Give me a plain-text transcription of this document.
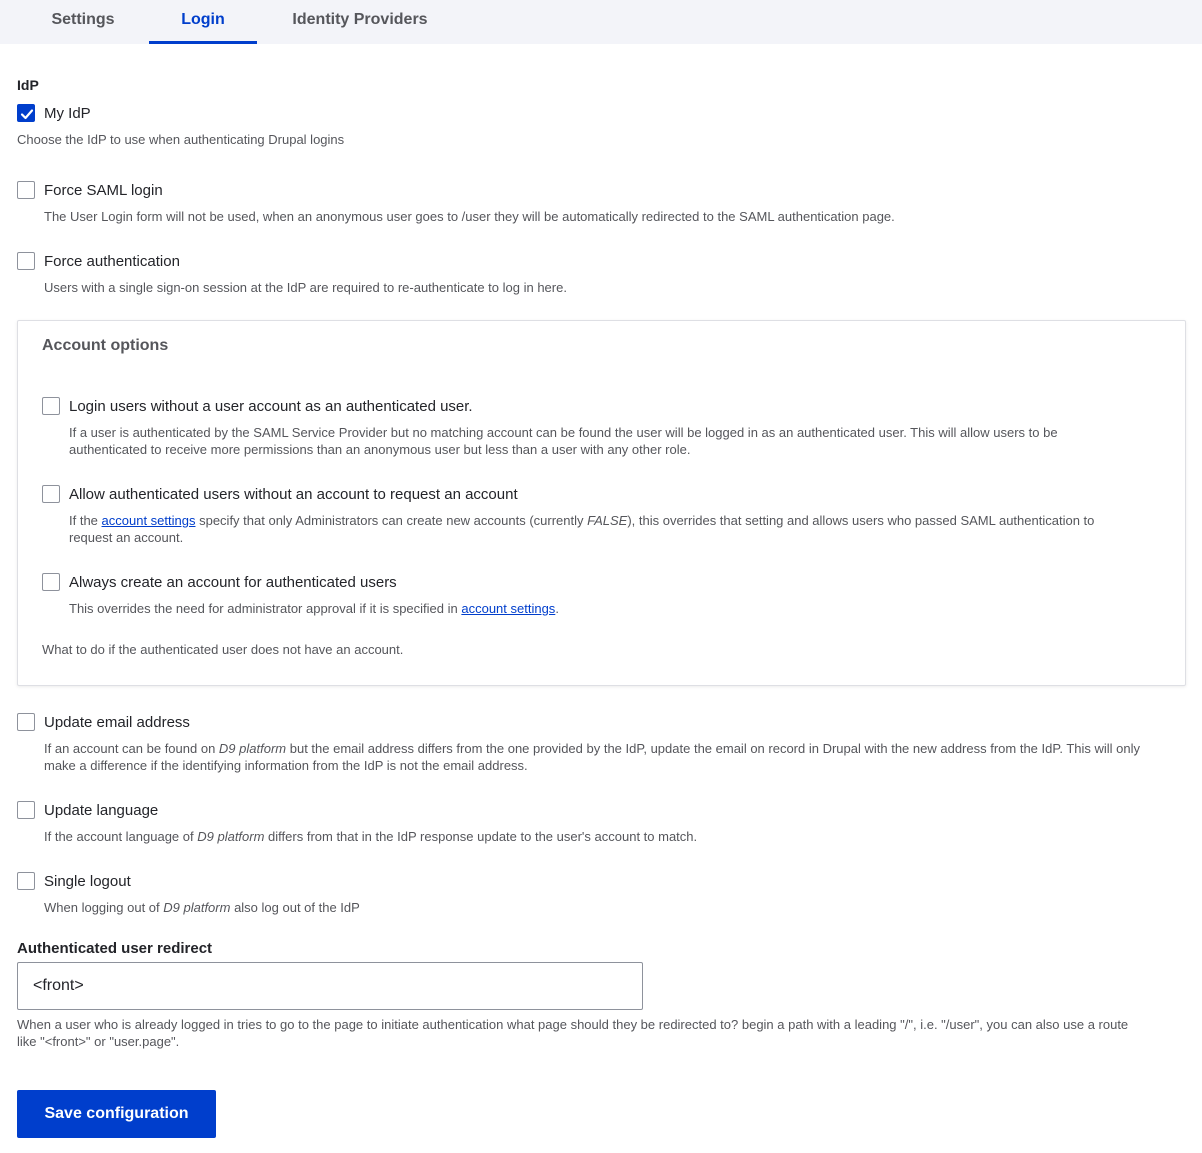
Settings	Login	Identity Providers
IdP
My IdP
Choose the IdP to use when authenticating Drupal logins
Force SAML login
The User Login form will not be used, when an anonymous user goes to /user they will be automatically redirected to the SAML authentication page.
Force authentication
Users with a single sign-on session at the IdP are required to re-authenticate to log in here.
Account options
Login users without a user account as an authenticated user.
If a user is authenticated by the SAML Service Provider but no matching account can be found the user will be logged in as an authenticated user. This will allow users to be
authenticated to receive more permissions than an anonymous user but less than a user with any other role.
Allow authenticated users without an account to request an account
If the account settings specify that only Administrators can create new accounts (currently FALSE), this overrides that setting and allows users who passed SAML authentication to
request an account.
Always create an account for authenticated users
This overrides the need for administrator approval if it is specified in account settings.
What to do if the authenticated user does not have an account.
Update email address
If an account can be found on D9 platform but the email address differs from the one provided by the IdP, update the email on record in Drupal with the new address from the IdP. This will only
make a difference if the identifying information from the IdP is not the email address.
Update language
If the account language of D9 platform differs from that in the IdP response update to the user's account to match.
Single logout
When logging out of D9 platform also log out of the IdP
Authenticated user redirect
<front>
When a user who is already logged in tries to go to the page to initiate authentication what page should they be redirected to? begin a path with a leading "/", i.e. "/user", you can also use a route
like "<front>" or "user.page".
Save configuration
